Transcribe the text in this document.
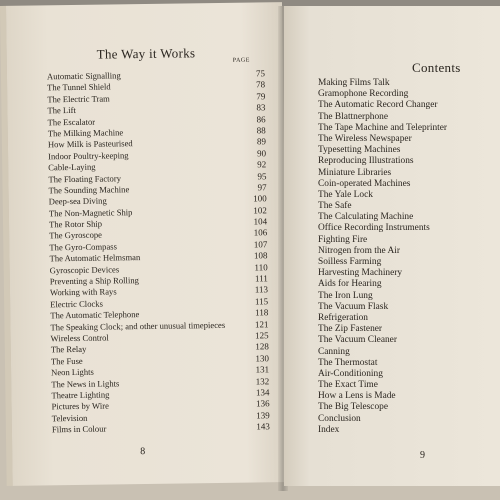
The Way it Works	PAGE
Automatic Signalling	75
The Tunnel Shield	78
The Electric Tram	79
The Lift	83
The Escalator	86
The Milking Machine	88
How Milk is Pasteurised	89
Indoor Poultry-keeping	90
Cable-Laying	92
The Floating Factory	95
The Sounding Machine	97
Deep-sea Diving	100
The Non-Magnetic Ship	102
The Rotor Ship	104
The Gyroscope	106
The Gyro-Compass	107
The Automatic Helmsman	108
Gyroscopic Devices	110
Preventing a Ship Rolling	111
Working with Rays	113
Electric Clocks	115
The Automatic Telephone	118
The Speaking Clock; and other unusual timepieces	121
Wireless Control	125
The Relay	128
The Fuse	130
Neon Lights	131
The News in Lights	132
Theatre Lighting	134
Pictures by Wire	136
Television	139
Films in Colour	143
8
Contents
Making Films Talk
Gramophone Recording
The Automatic Record Changer
The Blattnerphone
The Tape Machine and Teleprinter
The Wireless Newspaper
Typesetting Machines
Reproducing Illustrations
Miniature Libraries
Coin-operated Machines
The Yale Lock
The Safe
The Calculating Machine
Office Recording Instruments
Fighting Fire
Nitrogen from the Air
Soilless Farming
Harvesting Machinery
Aids for Hearing
The Iron Lung
The Vacuum Flask
Refrigeration
The Zip Fastener
The Vacuum Cleaner
Canning
The Thermostat
Air-Conditioning
The Exact Time
How a Lens is Made
The Big Telescope
Conclusion
Index
9
